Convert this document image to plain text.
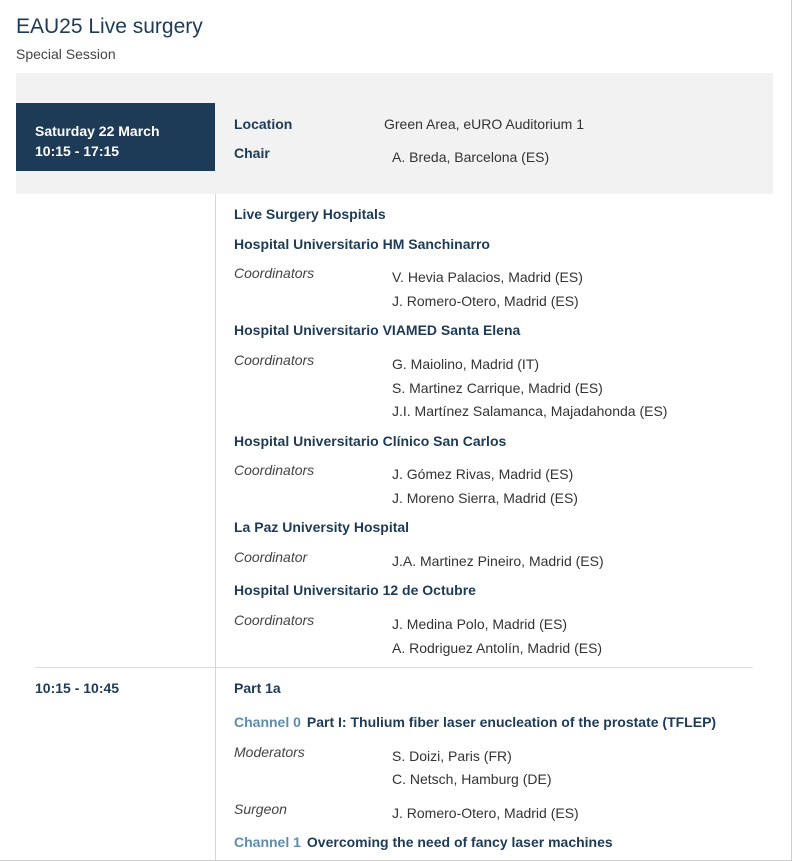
EAU25 Live surgery
Special Session
Saturday 22 March
10:15 - 17:15
Location	Green Area, eURO Auditorium 1
Chair	A. Breda, Barcelona (ES)
Live Surgery Hospitals
Hospital Universitario HM Sanchinarro
Coordinators	V. Hevia Palacios, Madrid (ES)
J. Romero-Otero, Madrid (ES)
Hospital Universitario VIAMED Santa Elena
Coordinators	G. Maiolino, Madrid (IT)
S. Martinez Carrique, Madrid (ES)
J.I. Martínez Salamanca, Majadahonda (ES)
Hospital Universitario Clínico San Carlos
Coordinators	J. Gómez Rivas, Madrid (ES)
J. Moreno Sierra, Madrid (ES)
La Paz University Hospital
Coordinator	J.A. Martinez Pineiro, Madrid (ES)
Hospital Universitario 12 de Octubre
Coordinators	J. Medina Polo, Madrid (ES)
A. Rodriguez Antolín, Madrid (ES)
10:15 - 10:45	Part 1a
Channel 0 Part I: Thulium fiber laser enucleation of the prostate (TFLEP)
Moderators	S. Doizi, Paris (FR)
C. Netsch, Hamburg (DE)
Surgeon	J. Romero-Otero, Madrid (ES)
Channel 1 Overcoming the need of fancy laser machines
